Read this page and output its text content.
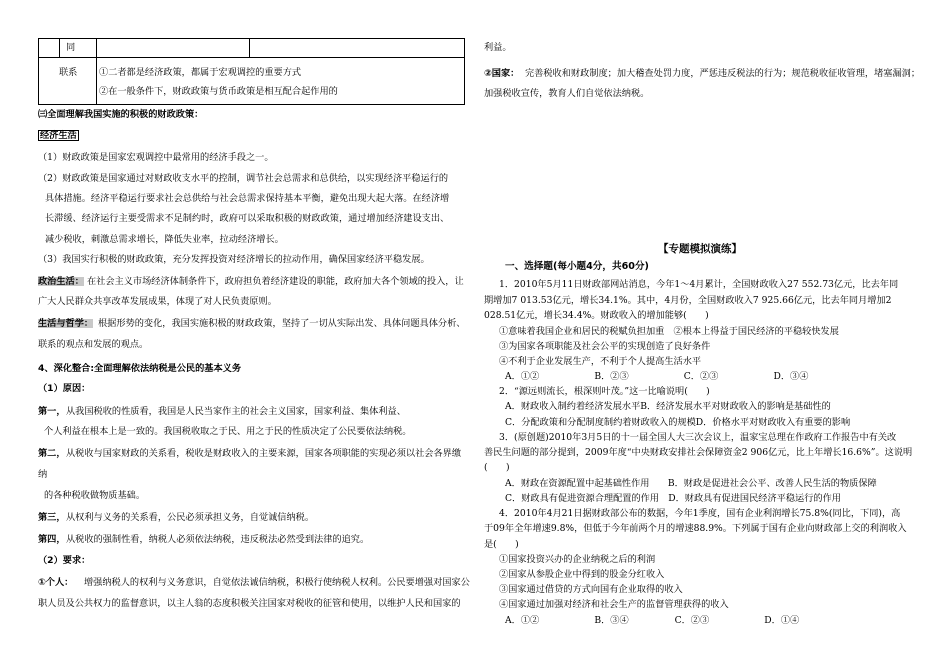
同
联系 ①二者都是经济政策，都属于宏观调控的重要方式
②在一般条件下，财政政策与货币政策是相互配合起作用的
㈢全面理解我国实施的积极的财政政策：
经济生活
（1）财政政策是国家宏观调控中最常用的经济手段之一。
（2）财政政策是国家通过对财政收支水平的控制，调节社会总需求和总供给，以实现经济平稳运行的
具体措施。经济平稳运行要求社会总供给与社会总需求保持基本平衡，避免出现大起大落。在经济增
长滞缓、经济运行主要受需求不足制约时，政府可以采取积极的财政政策，通过增加经济建设支出、
减少税收，刺激总需求增长，降低失业率，拉动经济增长。
（3）我国实行积极的财政政策，充分发挥投资对经济增长的拉动作用，确保国家经济平稳发展。
政治生活： 在社会主义市场经济体制条件下，政府担负着经济建设的职能，政府加大各个领域的投入，让
广大人民群众共享改革发展成果，体现了对人民负责原则。
生活与哲学： 根据形势的变化，我国实施积极的财政政策，坚持了一切从实际出发、具体问题具体分析、
联系的观点和发展的观点。
4、深化整合:全面理解依法纳税是公民的基本义务
（1）原因：
第一， 从我国税收的性质看，我国是人民当家作主的社会主义国家，国家利益、集体利益、
个人利益在根本上是一致的。我国税收取之于民、用之于民的性质决定了公民要依法纳税。
第二， 从税收与国家财政的关系看，税收是财政收入的主要来源，国家各项职能的实现必须以社会各界缴
纳
的各种税收做物质基础。
第三， 从权利与义务的关系看，公民必须承担义务，自觉诚信纳税。
第四， 从税收的强制性看，纳税人必须依法纳税，违反税法必然受到法律的追究。
（2）要求：
①个人： 增强纳税人的权利与义务意识，自觉依法诚信纳税，积极行使纳税人权利。公民要增强对国家公
职人员及公共权力的监督意识，以主人翁的态度积极关注国家对税收的征管和使用，以维护人民和国家的
利益。
②国家： 完善税收和财政制度；加大稽查处罚力度，严惩违反税法的行为；规范税收征收管理，堵塞漏洞；
加强税收宣传，教育人们自觉依法纳税。
【专题模拟演练】
一、选择题(每小题4分，共60分)
1．2010年5月11日财政部网站消息，今年1～4月累计，全国财政收入27 552.73亿元，比去年同
期增加7 013.53亿元，增长34.1%。其中，4月份，全国财政收入7 925.66亿元，比去年同月增加2
028.51亿元，增长34.4%。财政收入的增加能够(　　)
①意味着我国企业和居民的税赋负担加重　②根本上得益于国民经济的平稳较快发展
③为国家各项职能及社会公平的实现创造了良好条件
④不利于企业发展生产，不利于个人提高生活水平
A．①②　　　　　　B．②③　　　　　　C．②③　　　　　　D．③④
2．“源远则流长，根深则叶茂。”这一比喻说明(　　)
A．财政收入制约着经济发展水平B．经济发展水平对财政收入的影响是基础性的
C．分配政策和分配制度制约着财政收入的规模D．价格水平对财政收入有重要的影响
3．(原创题)2010年3月5日的十一届全国人大三次会议上，温家宝总理在作政府工作报告中有关改
善民生问题的部分提到，2009年度“中央财政安排社会保障资金2 906亿元，比上年增长16.6%”。这说明
(　　)
A．财政在资源配置中起基础性作用　　B．财政是促进社会公平、改善人民生活的物质保障
C．财政具有促进资源合理配置的作用　D．财政具有促进国民经济平稳运行的作用
4．2010年4月21日据财政部公布的数据，今年1季度，国有企业利润增长75.8%(同比，下同)，高
于09年全年增速9.8%，但低于今年前两个月的增速88.9%。下列属于国有企业向财政部上交的利润收入
是(　　)
①国家投资兴办的企业纳税之后的利润
②国家从参股企业中得到的股金分红收入
③国家通过借贷的方式向国有企业取得的收入
④国家通过加强对经济和社会生产的监督管理获得的收入
A．①②　　　　　　B．③④　　　　　C．②③　　　　　　D．①④
